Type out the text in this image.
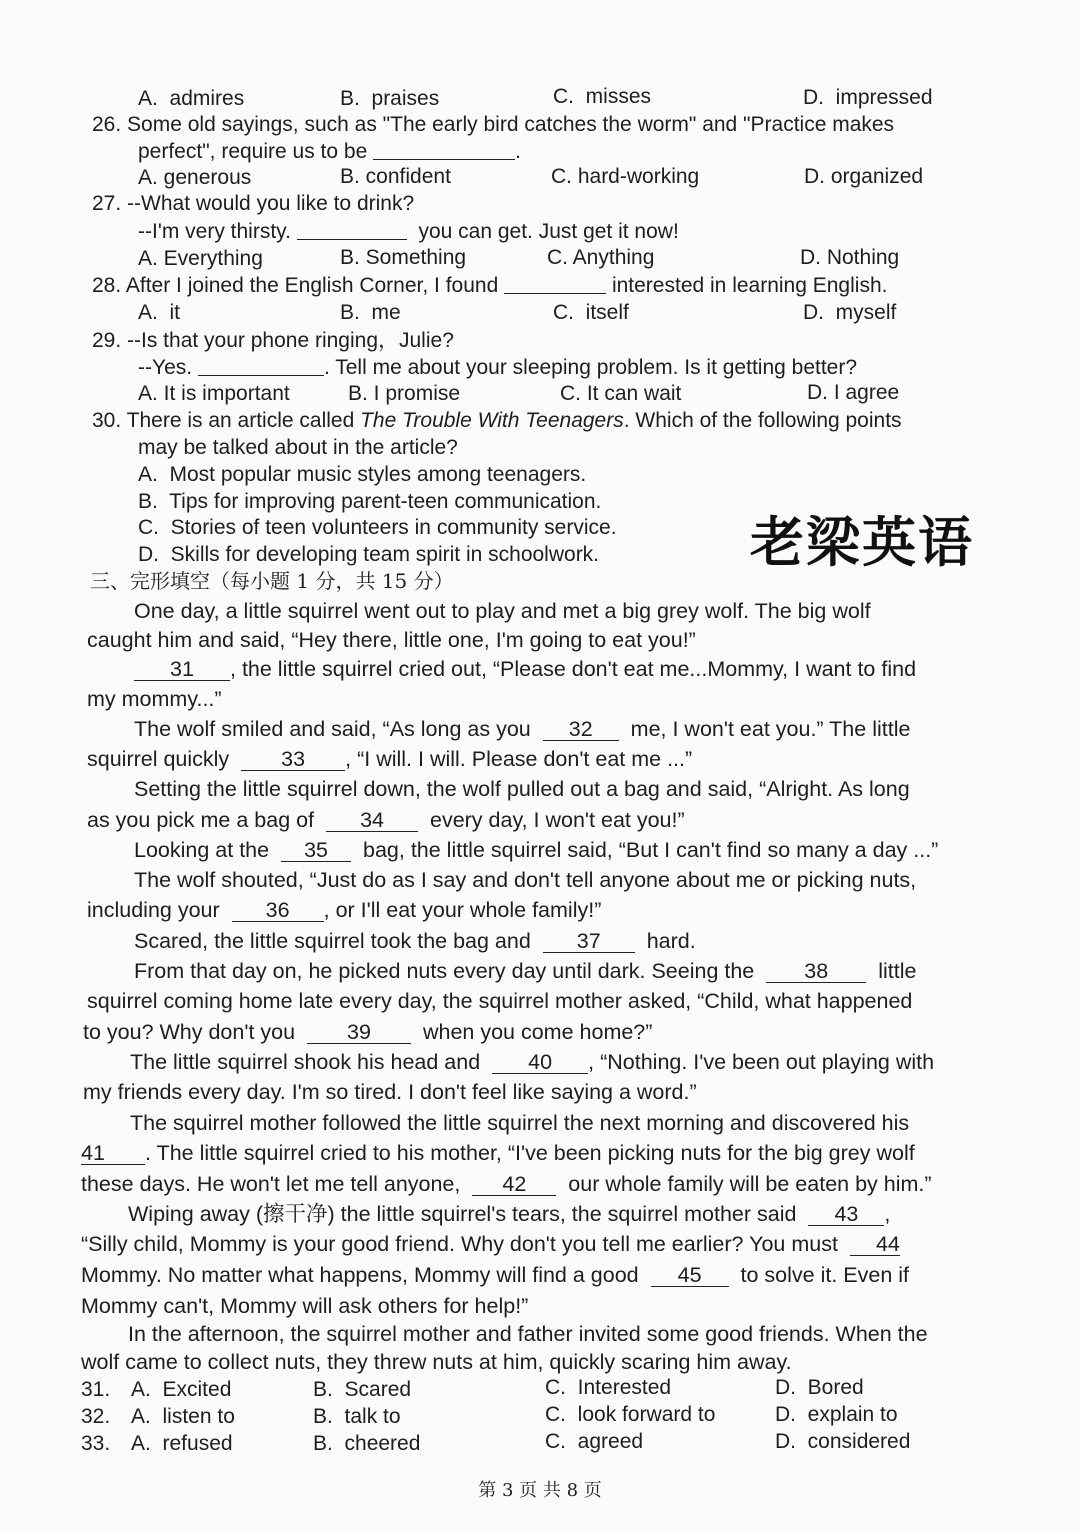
A.  admires	B.  praises	C.  misses	D.  impressed
26. Some old sayings, such as "The early bird catches the worm" and "Practice makes
perfect", require us to be	.
A. generous	B. confident	C. hard-working	D. organized
27. --What would you like to drink?
--I'm very thirsty.	you can get. Just get it now!
A. Everything	B. Something	C. Anything	D. Nothing
28. After I joined the English Corner, I found	interested in learning English.
A.  it	B.  me	C.  itself	D.  myself
29. --Is that your phone ringing，Julie?
--Yes.	. Tell me about your sleeping problem. Is it getting better?
A. It is important	B. I promise	C. It can wait	D. I agree
30. There is an article called The Trouble With Teenagers. Which of the following points
may be talked about in the article?
A.  Most popular music styles among teenagers.
B.  Tips for improving parent-teen communication.
C.  Stories of teen volunteers in community service.
D.  Skills for developing team spirit in schoolwork.	老梁英语
三、完形填空（每小题 1 分，共 15 分）
One day, a little squirrel went out to play and met a big grey wolf. The big wolf
caught him and said, “Hey there, little one, I'm going to eat you!”
31 , the little squirrel cried out, “Please don't eat me...Mommy, I want to find
my mommy...”
The wolf smiled and said, “As long as you 32 me, I won't eat you.” The little
squirrel quickly 33 , “I will. I will. Please don't eat me ...”
Setting the little squirrel down, the wolf pulled out a bag and said, “Alright. As long
as you pick me a bag of 34 every day, I won't eat you!”
Looking at the 35 bag, the little squirrel said, “But I can't find so many a day ...”
The wolf shouted, “Just do as I say and don't tell anyone about me or picking nuts,
including your 36 , or I'll eat your whole family!”
Scared, the little squirrel took the bag and 37 hard.
From that day on, he picked nuts every day until dark. Seeing the 38 little
squirrel coming home late every day, the squirrel mother asked, “Child, what happened
to you? Why don't you 39 when you come home?”
The little squirrel shook his head and 40 , “Nothing. I've been out playing with
my friends every day. I'm so tired. I don't feel like saying a word.”
The squirrel mother followed the little squirrel the next morning and discovered his
41 . The little squirrel cried to his mother, “I've been picking nuts for the big grey wolf
these days. He won't let me tell anyone, 42 our whole family will be eaten by him.”
Wiping away (擦干净) the little squirrel's tears, the squirrel mother said 43 ,
“Silly child, Mommy is your good friend. Why don't you tell me earlier? You must 44
Mommy. No matter what happens, Mommy will find a good 45 to solve it. Even if
Mommy can't, Mommy will ask others for help!”
In the afternoon, the squirrel mother and father invited some good friends. When the
wolf came to collect nuts, they threw nuts at him, quickly scaring him away.
31. A.  Excited	B.  Scared	C.  Interested	D.  Bored
32. A.  listen to	B.  talk to	C.  look forward to	D.  explain to
33. A.  refused	B.  cheered	C.  agreed	D.  considered
第 3 页 共 8 页
